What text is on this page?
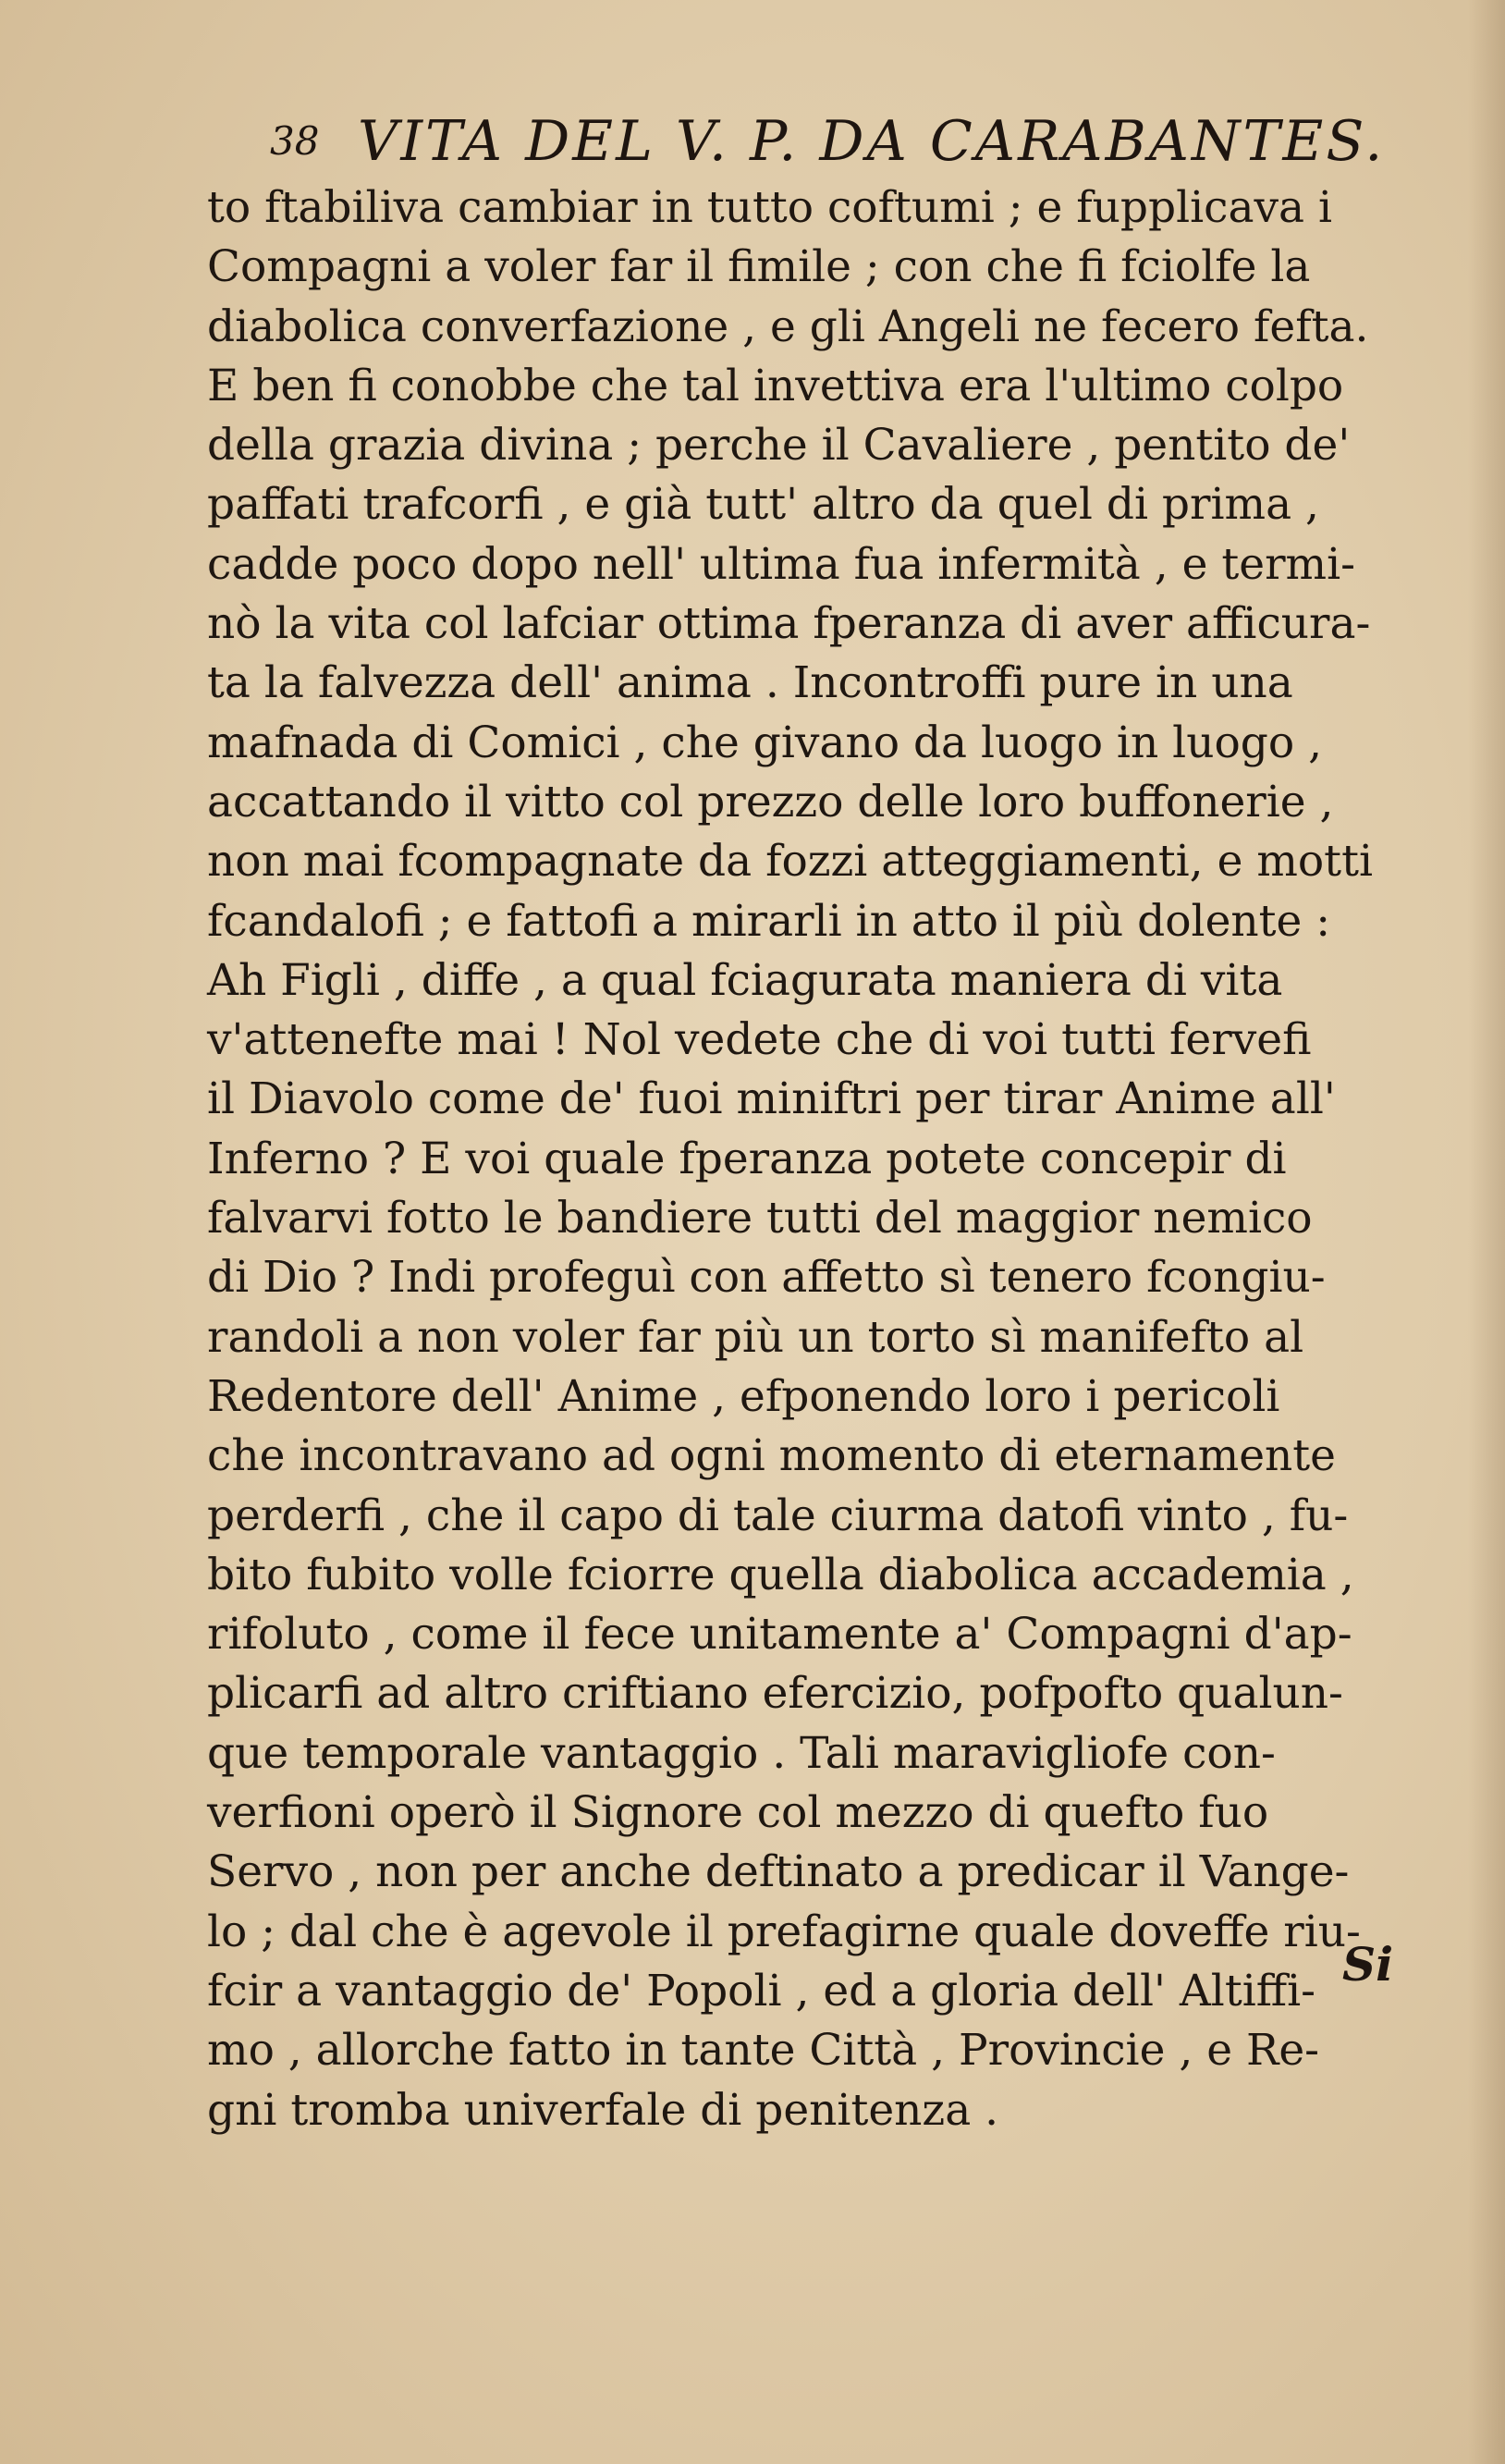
38 VITA DEL V. P. DA CARABANTES.
to ftabiliva cambiar in tutto coftumi ; e fupplicava i
Compagni a voler far il fimile ; con che fi fciolfe la
diabolica converfazione , e gli Angeli ne fecero fefta.
E ben fi conobbe che tal invettiva era l'ultimo colpo
della grazia divina ; perche il Cavaliere , pentito de'
paffati trafcorfi , e già tutt' altro da quel di prima ,
cadde poco dopo nell' ultima fua infermità , e termi-
nò la vita col lafciar ottima fperanza di aver afficura-
ta la falvezza dell' anima . Incontroffi pure in una
mafnada di Comici , che givano da luogo in luogo ,
accattando il vitto col prezzo delle loro buffonerie ,
non mai fcompagnate da fozzi atteggiamenti, e motti
fcandalofi ; e fattofi a mirarli in atto il più dolente :
Ah Figli , diffe , a qual fciagurata maniera di vita
v'attenefte mai ! Nol vedete che di voi tutti fervefi
il Diavolo come de' fuoi miniftri per tirar Anime all'
Inferno ? E voi quale fperanza potete concepir di
falvarvi fotto le bandiere tutti del maggior nemico
di Dio ? Indi profeguì con affetto sì tenero fcongiu-
randoli a non voler far più un torto sì manifefto al
Redentore dell' Anime , efponendo loro i pericoli
che incontravano ad ogni momento di eternamente
perderfi , che il capo di tale ciurma datofi vinto , fu-
bito fubito volle fciorre quella diabolica accademia ,
rifoluto , come il fece unitamente a' Compagni d'ap-
plicarfi ad altro criftiano efercizio, pofpofto qualun-
que temporale vantaggio . Tali maravigliofe con-
verfioni operò il Signore col mezzo di quefto fuo
Servo , non per anche deftinato a predicar il Vange-
lo ; dal che è agevole il prefagirne quale doveffe riu-
fcir a vantaggio de' Popoli , ed a gloria dell' Altiffi-
mo , allorche fatto in tante Città , Provincie , e Re-
gni tromba univerfale di penitenza .
Si
